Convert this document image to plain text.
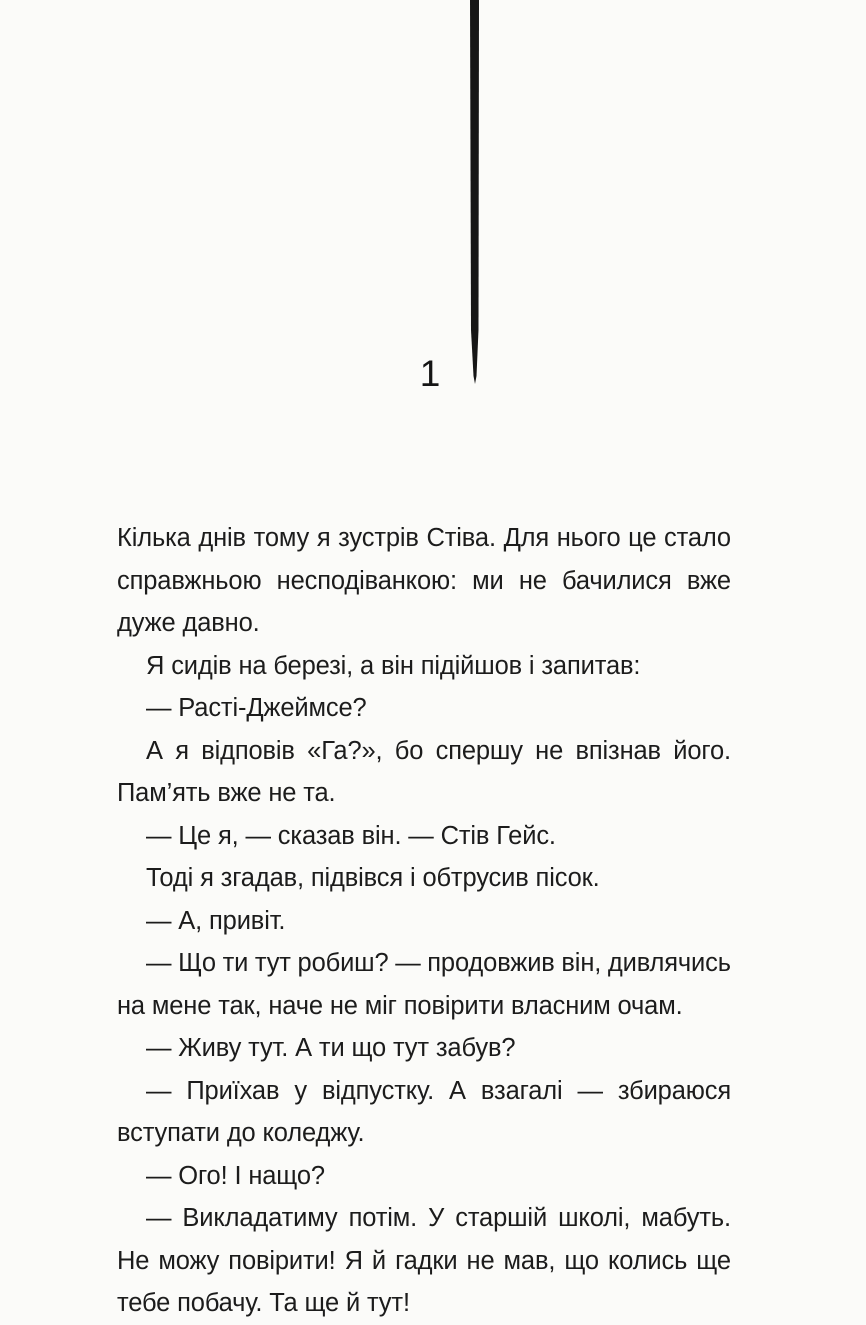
1

Кілька днів тому я зустрів Стіва. Для нього це стало
справжньою несподіванкою: ми не бачилися вже
дуже давно.

Я сидів на березі, а він підійшов і запитав:

— Расті-Джеймсе?

А я відповів «Га?», бо спершу не впізнав його.
Пам’ять вже не та.

— Це я, — сказав він. — Стів Гейс.

Тоді я згадав, підвівся і обтрусив пісок.

— А, привіт.

— Що ти тут робиш? — продовжив він, дивлячись
на мене так, наче не міг повірити власним очам.

— Живу тут. А ти що тут забув?

— Приїхав у відпустку. А взагалі — збираюся
вступати до коледжу.

— Ого! І нащо?

— Викладатиму потім. У старшій школі, мабуть.
Не можу повірити! Я й гадки не мав, що колись ще
тебе побачу. Та ще й тут!
